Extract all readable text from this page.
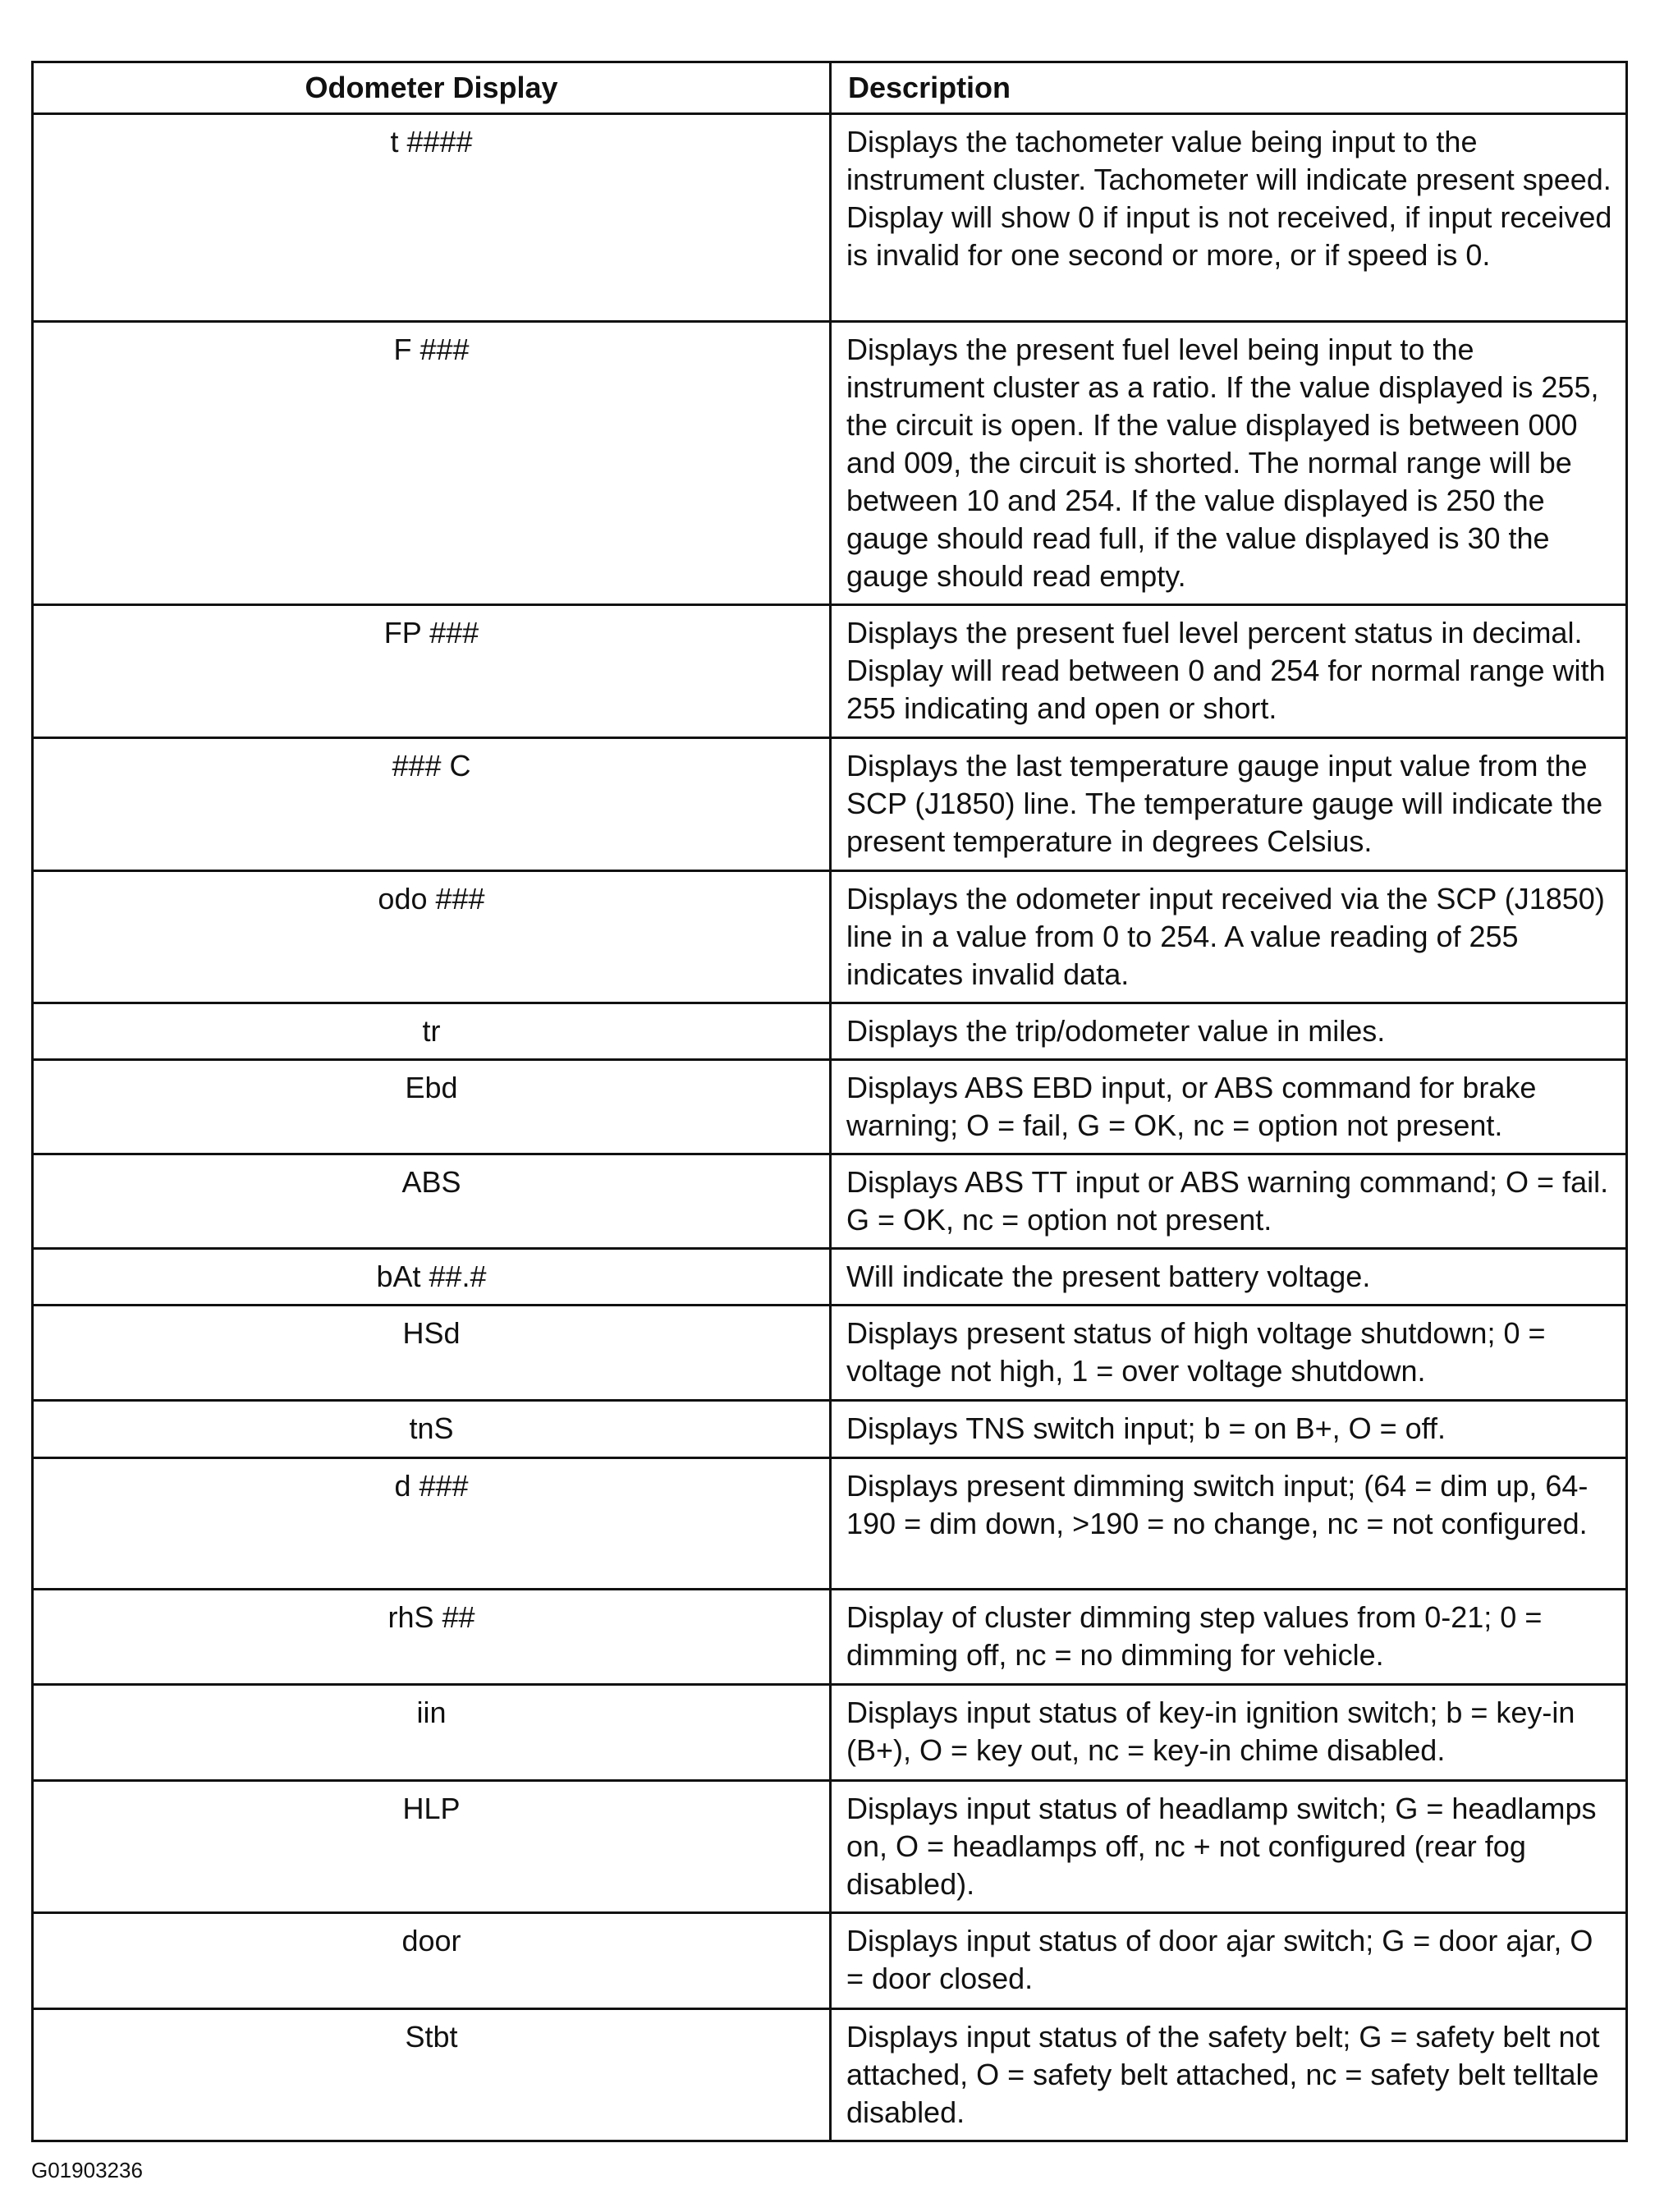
Odometer Display	Description
t ####	Displays the tachometer value being input to the instrument cluster. Tachometer will indicate present speed. Display will show 0 if input is not received, if input received is invalid for one second or more, or if speed is 0.
F ###	Displays the present fuel level being input to the instrument cluster as a ratio. If the value displayed is 255, the circuit is open. If the value displayed is between 000 and 009, the circuit is shorted. The normal range will be between 10 and 254. If the value displayed is 250 the gauge should read full, if the value displayed is 30 the gauge should read empty.
FP ###	Displays the present fuel level percent status in decimal. Display will read between 0 and 254 for normal range with 255 indicating and open or short.
### C	Displays the last temperature gauge input value from the SCP (J1850) line. The temperature gauge will indicate the present temperature in degrees Celsius.
odo ###	Displays the odometer input received via the SCP (J1850) line in a value from 0 to 254. A value reading of 255 indicates invalid data.
tr	Displays the trip/odometer value in miles.
Ebd	Displays ABS EBD input, or ABS command for brake warning; O = fail, G = OK, nc = option not present.
ABS	Displays ABS TT input or ABS warning command; O = fail. G = OK, nc = option not present.
bAt ##.#	Will indicate the present battery voltage.
HSd	Displays present status of high voltage shutdown; 0 = voltage not high, 1 = over voltage shutdown.
tnS	Displays TNS switch input; b = on B+, O = off.
d ###	Displays present dimming switch input; (64 = dim up, 64-190 = dim down, >190 = no change, nc = not configured.
rhS ##	Display of cluster dimming step values from 0-21; 0 = dimming off, nc = no dimming for vehicle.
iin	Displays input status of key-in ignition switch; b = key-in (B+), O = key out, nc = key-in chime disabled.
HLP	Displays input status of headlamp switch; G = headlamps on, O = headlamps off, nc + not configured (rear fog disabled).
door	Displays input status of door ajar switch; G = door ajar, O = door closed.
Stbt	Displays input status of the safety belt; G = safety belt not attached, O = safety belt attached, nc = safety belt telltale disabled.
G01903236
